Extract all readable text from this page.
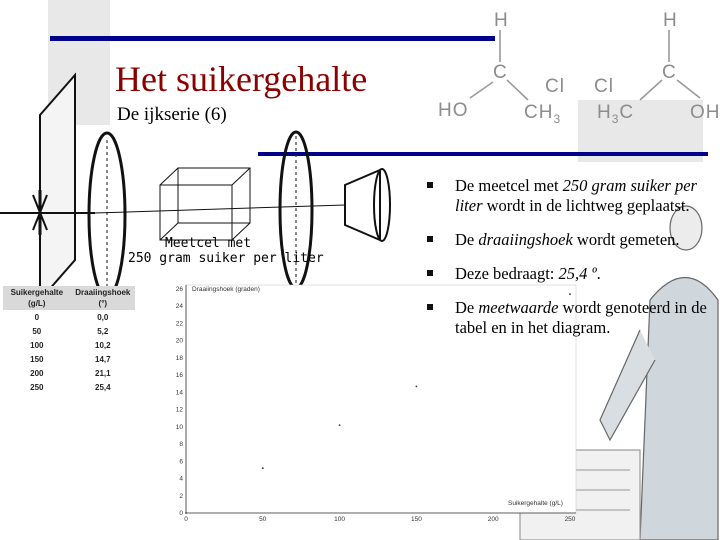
Draaiingshoek (graden)
Suikergehalte (g/L)
0	50	100	150	200	250
0
2
4
6
8
10
12
14
16
18
20
22
24
26
Het suikergehalte
De ijkserie (6)
H	H
C	C
Cl Cl
HO	$CH_3$ $H_3C$	OH
Meetcel met
250 gram suiker per liter
Suikergehalte (g/L)	Draaiingshoek (°)
0	0,0
50	5,2
100	10,2
150	14,7
200	21,1
250	25,4
De meetcel met 250 gram suiker per liter wordt in de lichtweg geplaatst.
De draaiingshoek wordt gemeten.
Deze bedraagt: 25,4 º.
De meetwaarde wordt genoteerd in de tabel en in het diagram.
